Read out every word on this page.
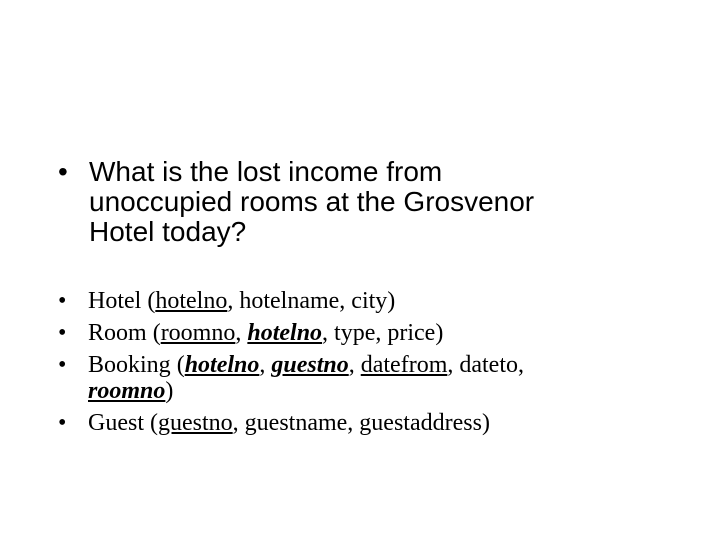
• What is the lost income from
unoccupied rooms at the Grosvenor
Hotel today?
• Hotel (hotelno, hotelname, city)
• Room (roomno, hotelno, type, price)
• Booking (hotelno, guestno, datefrom, dateto,
roomno)
• Guest (guestno, guestname, guestaddress)
